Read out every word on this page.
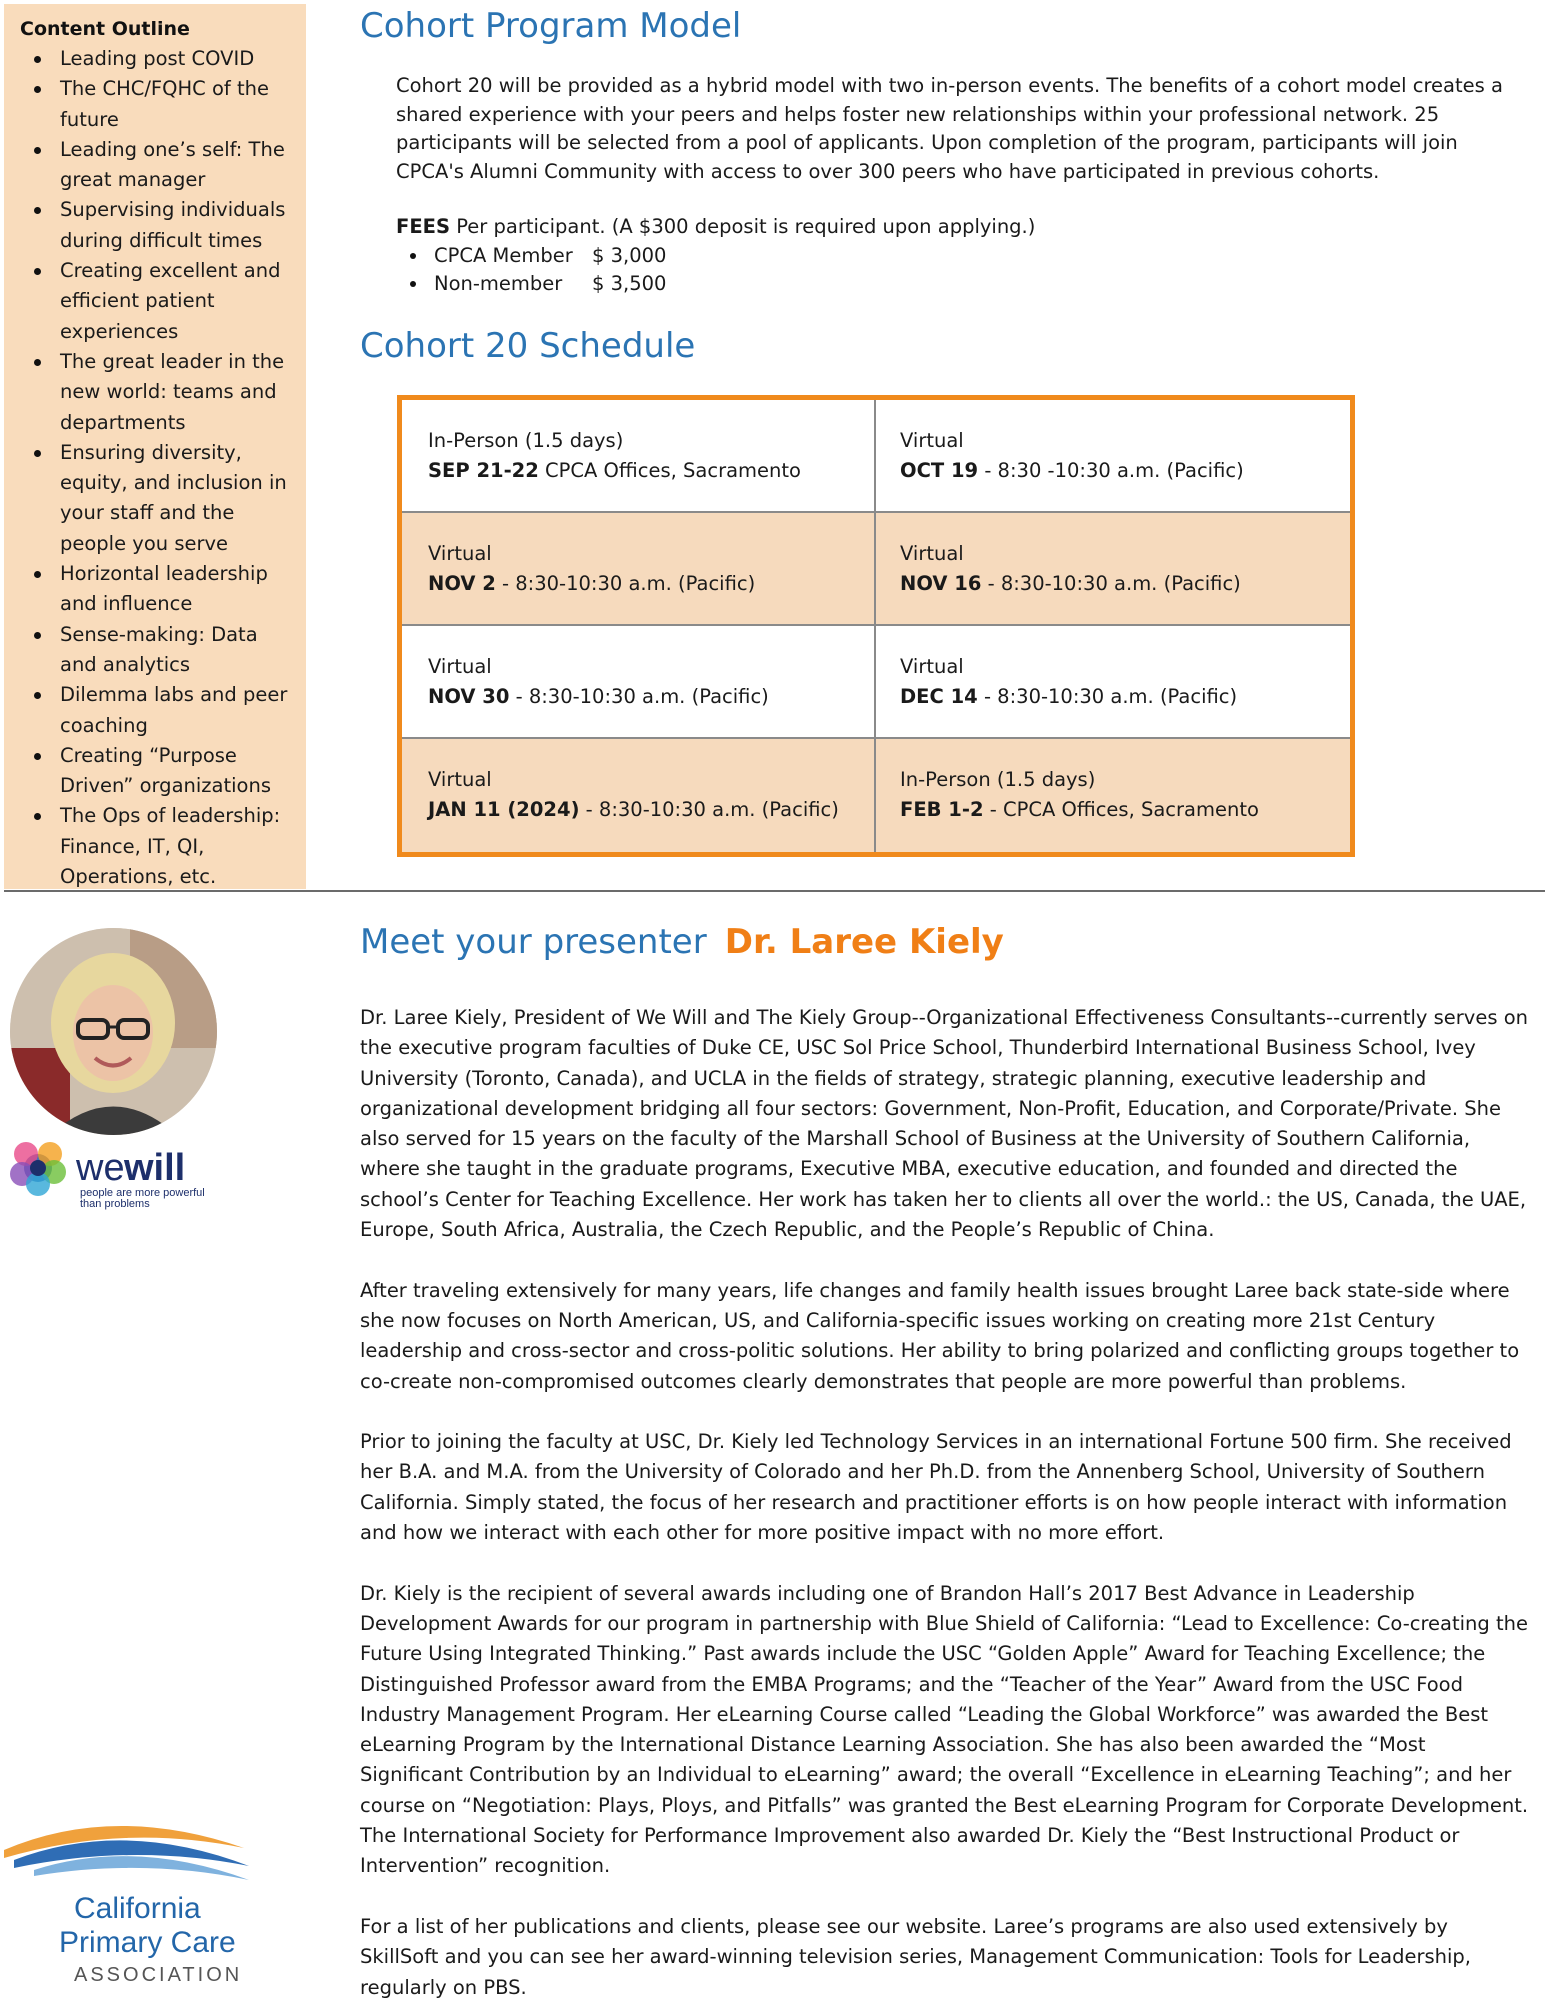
Content Outline
Leading post COVID
The CHC/FQHC of the future
Leading one’s self: The great manager
Supervising individuals during difficult times
Creating excellent and efficient patient experiences
The great leader in the new world: teams and departments
Ensuring diversity, equity, and inclusion in your staff and the people you serve
Horizontal leadership and influence
Sense-making: Data and analytics
Dilemma labs and peer coaching
Creating “Purpose Driven” organizations
The Ops of leadership: Finance, IT, QI, Operations, etc.
Cohort Program Model

Cohort 20 will be provided as a hybrid model with two in-person events. The benefits of a cohort model creates a shared experience with your peers and helps foster new relationships within your professional network. 25 participants will be selected from a pool of applicants. Upon completion of the program, participants will join CPCA's Alumni Community with access to over 300 peers who have participated in previous cohorts.

FEES Per participant. (A $300 deposit is required upon applying.)
CPCA Member $ 3,000
Non-member	$ 3,500
Cohort 20 Schedule
In-Person (1.5 days)
SEP 21-22 CPCA Offices, Sacramento
Virtual
OCT 19 - 8:30 -10:30 a.m. (Pacific)
Virtual
NOV 2 - 8:30-10:30 a.m. (Pacific)
Virtual
NOV 16 - 8:30-10:30 a.m. (Pacific)
Virtual
NOV 30 - 8:30-10:30 a.m. (Pacific)
Virtual
DEC 14 - 8:30-10:30 a.m. (Pacific)
Virtual
JAN 11 (2024) - 8:30-10:30 a.m. (Pacific)
In-Person (1.5 days)
FEB 1-2 - CPCA Offices, Sacramento
we will
people are more powerful
than problems
Meet your presenter Dr. Laree Kiely

Dr. Laree Kiely, President of We Will and The Kiely Group--Organizational Effectiveness Consultants--currently serves on the executive program faculties of Duke CE, USC Sol Price School, Thunderbird International Business School, Ivey University (Toronto, Canada), and UCLA in the fields of strategy, strategic planning, executive leadership and organizational development bridging all four sectors: Government, Non-Profit, Education, and Corporate/Private. She also served for 15 years on the faculty of the Marshall School of Business at the University of Southern California, where she taught in the graduate programs, Executive MBA, executive education, and founded and directed the school’s Center for Teaching Excellence. Her work has taken her to clients all over the world.: the US, Canada, the UAE, Europe, South Africa, Australia, the Czech Republic, and the People’s Republic of China.

After traveling extensively for many years, life changes and family health issues brought Laree back state-side where she now focuses on North American, US, and California-specific issues working on creating more 21st Century leadership and cross-sector and cross-politic solutions. Her ability to bring polarized and conflicting groups together to co-create non-compromised outcomes clearly demonstrates that people are more powerful than problems.

Prior to joining the faculty at USC, Dr. Kiely led Technology Services in an international Fortune 500 firm. She received her B.A. and M.A. from the University of Colorado and her Ph.D. from the Annenberg School, University of Southern California. Simply stated, the focus of her research and practitioner efforts is on how people interact with information and how we interact with each other for more positive impact with no more effort.

Dr. Kiely is the recipient of several awards including one of Brandon Hall’s 2017 Best Advance in Leadership Development Awards for our program in partnership with Blue Shield of California: “Lead to Excellence: Co-creating the Future Using Integrated Thinking.” Past awards include the USC “Golden Apple” Award for Teaching Excellence; the Distinguished Professor award from the EMBA Programs; and the “Teacher of the Year” Award from the USC Food Industry Management Program. Her eLearning Course called “Leading the Global Workforce” was awarded the Best eLearning Program by the International Distance Learning Association. She has also been awarded the “Most Significant Contribution by an Individual to eLearning” award; the overall “Excellence in eLearning Teaching”; and her course on “Negotiation: Plays, Ploys, and Pitfalls” was granted the Best eLearning Program for Corporate Development. The International Society for Performance Improvement also awarded Dr. Kiely the “Best Instructional Product or Intervention” recognition.

For a list of her publications and clients, please see our website. Laree’s programs are also used extensively by SkillSoft and you can see her award-winning television series, Management Communication: Tools for Leadership, regularly on PBS.

California
Primary Care
ASSOCIATION
